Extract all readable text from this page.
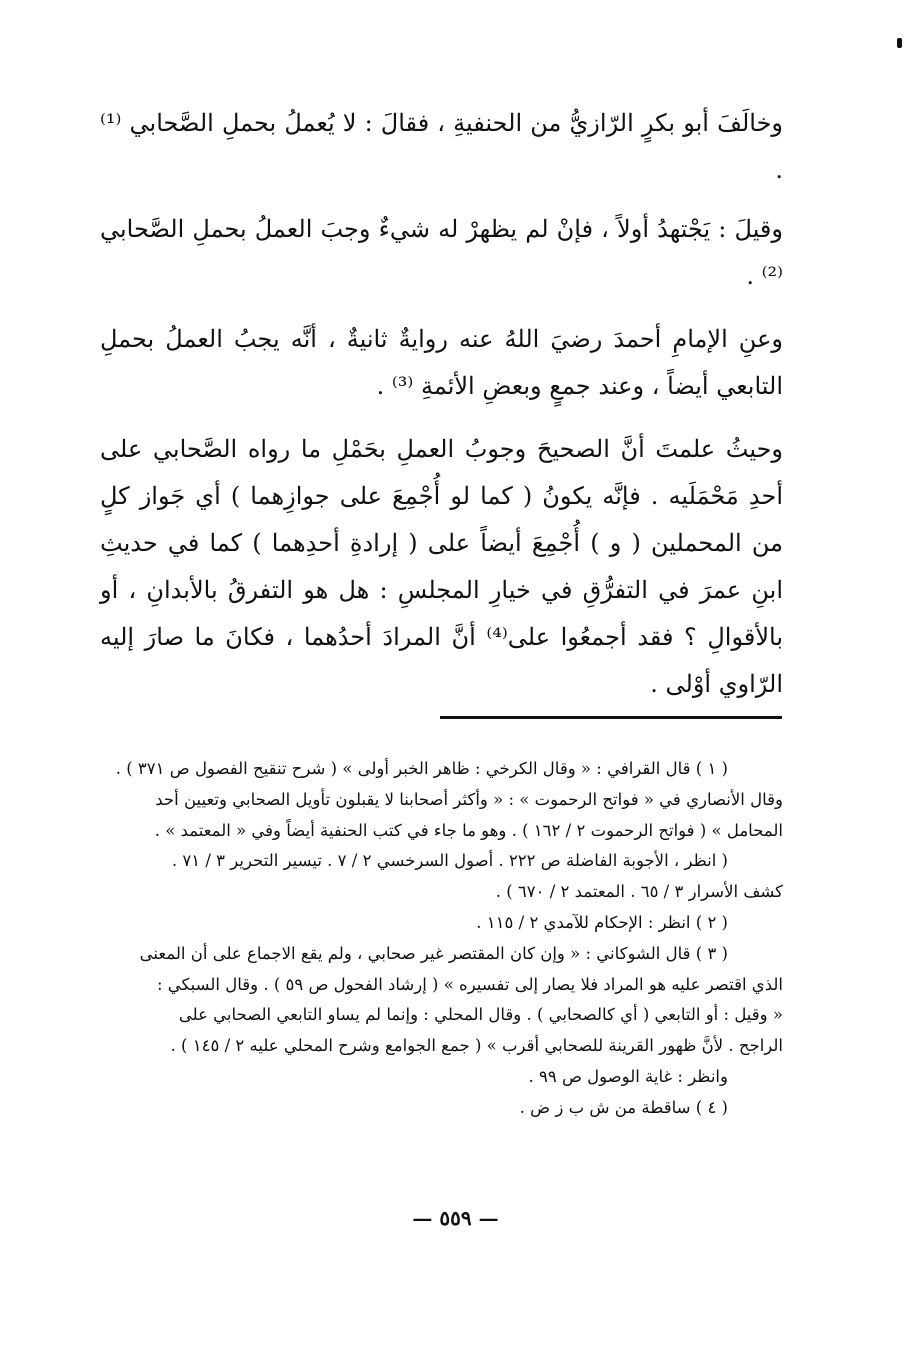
وخالَفَ أبو بكرٍ الرّازيُّ من الحنفيةِ ، فقالَ : لا يُعملُ بحملِ الصَّحابي ⁽¹⁾ .

وقيلَ : يَجْتهدُ أولاً ، فإنْ لم يظهرْ له شيءٌ وجبَ العملُ بحملِ الصَّحابي ⁽²⁾ .

وعنِ الإمامِ أحمدَ رضيَ اللهُ عنه روايةٌ ثانيةٌ ، أنَّه يجبُ العملُ بحملِ التابعي أيضاً ، وعند جمعٍ وبعضِ الأئمةِ ⁽³⁾ .

وحيثُ علمتَ أنَّ الصحيحَ وجوبُ العملِ بحَمْلِ ما رواه الصَّحابي على أحدِ مَحْمَلَيه . فإنَّه يكونُ ( كما لو أُجْمِعَ على جوازِهما ) أي جَواز كلٍ من المحملين ( و ) أُجْمِعَ أيضاً على ( إرادةِ أحدِهما ) كما في حديثِ ابنِ عمرَ في التفرُّقِ في خيارِ المجلسِ : هل هو التفرقُ بالأبدانِ ، أو بالأقوالِ ؟ فقد أجمعُوا على⁽⁴⁾ أنَّ المرادَ أحدُهما ، فكانَ ما صارَ إليه الرّاوي أوْلى .

( ١ ) قال القرافي : « وقال الكرخي : ظاهر الخبر أولى » ( شرح تنقيح الفصول ص ٣٧١ ) .

وقال الأنصاري في « فواتح الرحموت » : « وأكثر أصحابنا لا يقبلون تأويل الصحابي وتعيين أحد

المحامل » ( فواتح الرحموت ٢ / ١٦٢ ) . وهو ما جاء في كتب الحنفية أيضاً وفي « المعتمد » .

( انظر ، الأجوبة الفاضلة ص ٢٢٢ . أصول السرخسي ٢ / ٧ . تيسير التحرير ٣ / ٧١ .

كشف الأسرار ٣ / ٦٥ . المعتمد ٢ / ٦٧٠ ) .

( ٢ ) انظر : الإحكام للآمدي ٢ / ١١٥ .

( ٣ ) قال الشوكاني : « وإن كان المقتصر غير صحابي ، ولم يقع الاجماع على أن المعنى

الذي اقتصر عليه هو المراد فلا يصار إلى تفسيره » ( إرشاد الفحول ص ٥٩ ) . وقال السبكي :

« وقيل : أو التابعي ( أي كالصحابي ) . وقال المحلي : وإنما لم يساو التابعي الصحابي على

الراجح . لأنَّ ظهور القرينة للصحابي أقرب » ( جمع الجوامع وشرح المحلي عليه ٢ / ١٤٥ ) .

وانظر : غاية الوصول ص ٩٩ .

( ٤ ) ساقطة من ش ب ز ض .

— ٥٥٩ —
